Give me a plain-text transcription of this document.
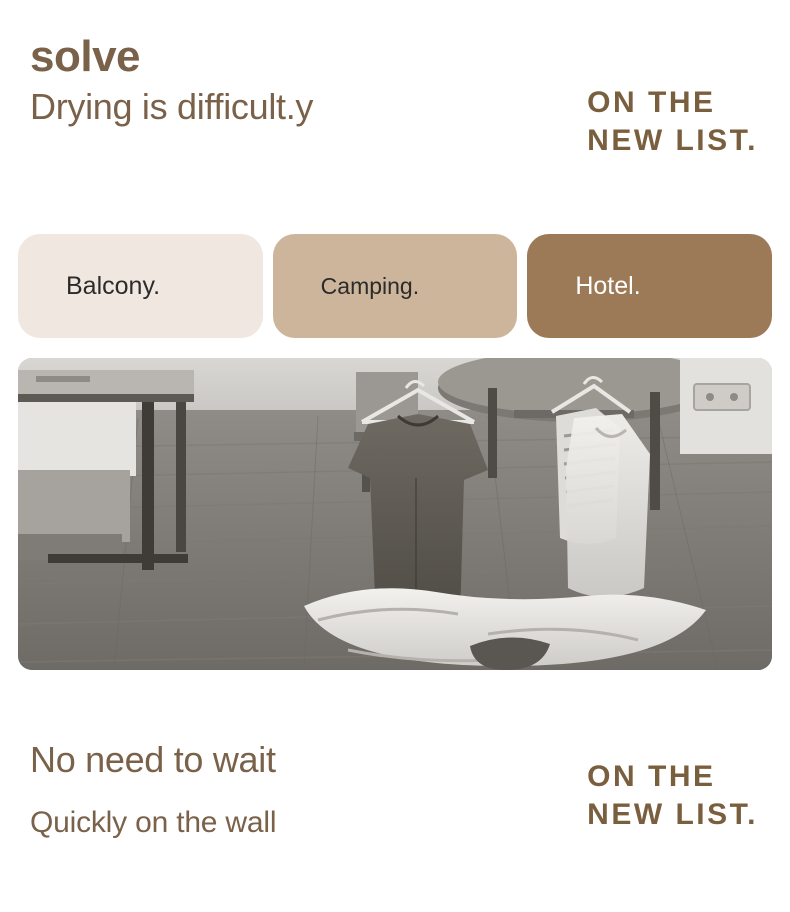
solve
Drying is difficult.y	ON THE
NEW LIST.
Balcony.	Camping.	Hotel.
No need to wait
Quickly on the wall
ON THE
NEW LIST.
